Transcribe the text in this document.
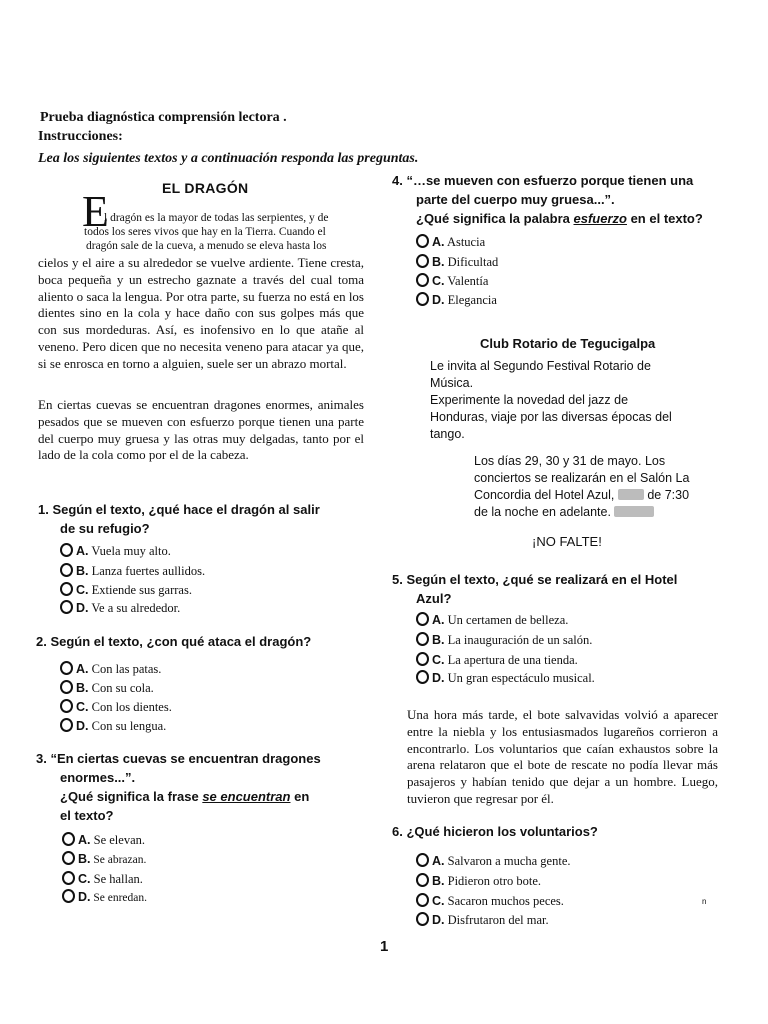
Prueba diagnóstica comprensión lectora .
Instrucciones:
Lea los siguientes textos y a continuación responda las preguntas.
EL DRAGÓN
E
l dragón es la mayor de todas las serpientes, y de
todos los seres vivos que hay en la Tierra. Cuando el
dragón sale de la cueva, a menudo se eleva hasta los
cielos y el aire a su alrededor se vuelve ardiente. Tiene cresta, boca pequeña y un estrecho gaznate a través del cual toma aliento o saca la lengua. Por otra parte, su fuerza no está en los dientes sino en la cola y hace daño con sus golpes más que con sus mordeduras. Así, es inofensivo en lo que atañe al veneno. Pero dicen que no necesita veneno para atacar ya que, si se enrosca en torno a alguien, suele ser un abrazo mortal.
En ciertas cuevas se encuentran dragones enormes, animales pesados que se mueven con esfuerzo porque tienen una parte del cuerpo muy gruesa y las otras muy delgadas, tanto por el lado de la cola como por el de la cabeza.
1. Según el texto, ¿qué hace el dragón al salir
de su refugio?
A. Vuela muy alto.
B. Lanza fuertes aullidos.
C. Extiende sus garras.
D. Ve a su alrededor.
2. Según el texto, ¿con qué ataca el dragón?
A. Con las patas.
B. Con su cola.
C. Con los dientes.
D. Con su lengua.
3. “En ciertas cuevas se encuentran dragones
enormes...”.
¿Qué significa la frase se encuentran en
el texto?
A. Se elevan.
B. Se abrazan.
C. Se hallan.
D. Se enredan.
4. “…se mueven con esfuerzo porque tienen una
parte del cuerpo muy gruesa...”.
¿Qué significa la palabra esfuerzo en el texto?
A. Astucia
B. Dificultad
C. Valentía
D. Elegancia
Club Rotario de Tegucigalpa
Le invita al Segundo Festival Rotario de
Música.
Experimente la novedad del jazz de
Honduras, viaje por las diversas épocas del
tango.
Los días 29, 30 y 31 de mayo. Los
conciertos se realizarán en el Salón La
Concordia del Hotel Azul,	de 7:30
de la noche en adelante.
¡NO FALTE!
5. Según el texto, ¿qué se realizará en el Hotel
Azul?
A. Un certamen de belleza.
B. La inauguración de un salón.
C. La apertura de una tienda.
D. Un gran espectáculo musical.
Una hora más tarde, el bote salvavidas volvió a aparecer entre la niebla y los entusiasmados lugareños corrieron a encontrarlo. Los voluntarios que caían exhaustos sobre la arena relataron que el bote de rescate no podía llevar más pasajeros y habían tenido que dejar a un hombre. Luego, tuvieron que regresar por él.
6. ¿Qué hicieron los voluntarios?
A. Salvaron a mucha gente.
B. Pidieron otro bote.
C. Sacaron muchos peces.
D. Disfrutaron del mar.
n
1
